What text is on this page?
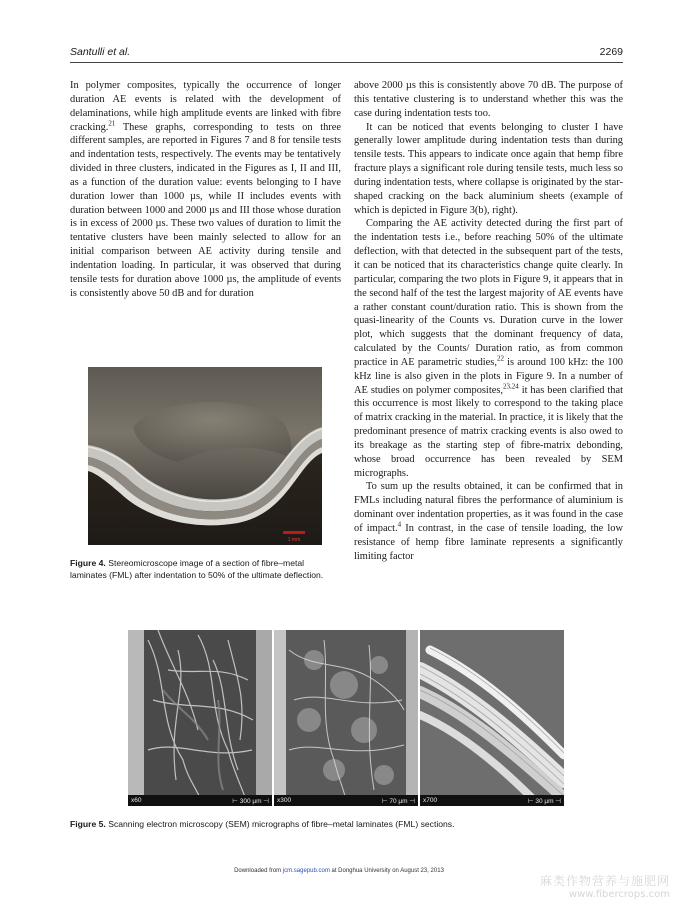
Santulli et al.	2269

In polymer composites, typically the occurrence of longer duration AE events is related with the development of delaminations, while high amplitude events are linked with fibre cracking.$^{21}$ These graphs, corresponding to tests on three different samples, are reported in Figures 7 and 8 for tensile tests and indentation tests, respectively. The events may be tentatively divided in three clusters, indicated in the Figures as I, II and III, as a function of the duration value: events belonging to I have duration lower than 1000 µs, while II includes events with duration between 1000 and 2000 µs and III those whose duration is in excess of 2000 µs. These two values of duration to limit the tentative clusters have been mainly selected to allow for an initial comparison between AE activity during tensile and indentation loading. In particular, it was observed that during tensile tests for duration above 1000 µs, the amplitude of events is consistently above 50 dB and for duration

1 mm
Figure 4. Stereomicroscope image of a section of fibre–metal laminates (FML) after indentation to 50% of the ultimate deflection.

above 2000 µs this is consistently above 70 dB. The purpose of this tentative clustering is to understand whether this was the case during indentation tests too.

It can be noticed that events belonging to cluster I have generally lower amplitude during indentation tests than during tensile tests. This appears to indicate once again that hemp fibre fracture plays a significant role during tensile tests, much less so during indentation tests, where collapse is originated by the star-shaped cracking on the back aluminium sheets (example of which is depicted in Figure 3(b), right).

Comparing the AE activity detected during the first part of the indentation tests i.e., before reaching 50% of the ultimate deflection, with that detected in the subsequent part of the tests, it can be noticed that its characteristics change quite clearly. In particular, comparing the two plots in Figure 9, it appears that in the second half of the test the largest majority of AE events have a rather constant count/duration ratio. This is shown from the quasi-linearity of the Counts vs. Duration curve in the lower plot, which suggests that the dominant frequency of data, calculated by the Counts/ Duration ratio, as from common practice in AE parametric studies,$^{22}$ is around 100 kHz: the 100 kHz line is also given in the plots in Figure 9. In a number of AE studies on polymer composites,$^{23,24}$ it has been clarified that this occurrence is most likely to correspond to the taking place of matrix cracking in the material. In practice, it is likely that the predominant presence of matrix cracking events is also owed to its breakage as the starting step of fibre-matrix debonding, whose broad occurrence has been revealed by SEM micrographs.

To sum up the results obtained, it can be confirmed that in FMLs including natural fibres the performance of aluminium is dominant over indentation properties, as it was found in the case of impact.$^4$ In contrast, in the case of tensile loading, the low resistance of hemp fibre laminate represents a significantly limiting factor

x60	⊢ 300 µm ⊣ x300	⊢ 70 µm ⊣ x700	⊢ 30 µm ⊣
Figure 5. Scanning electron microscopy (SEM) micrographs of fibre–metal laminates (FML) sections.
Downloaded from jcm.sagepub.com at Donghua University on August 23, 2013
麻类作物营养与施肥网
www.fibercrops.com
